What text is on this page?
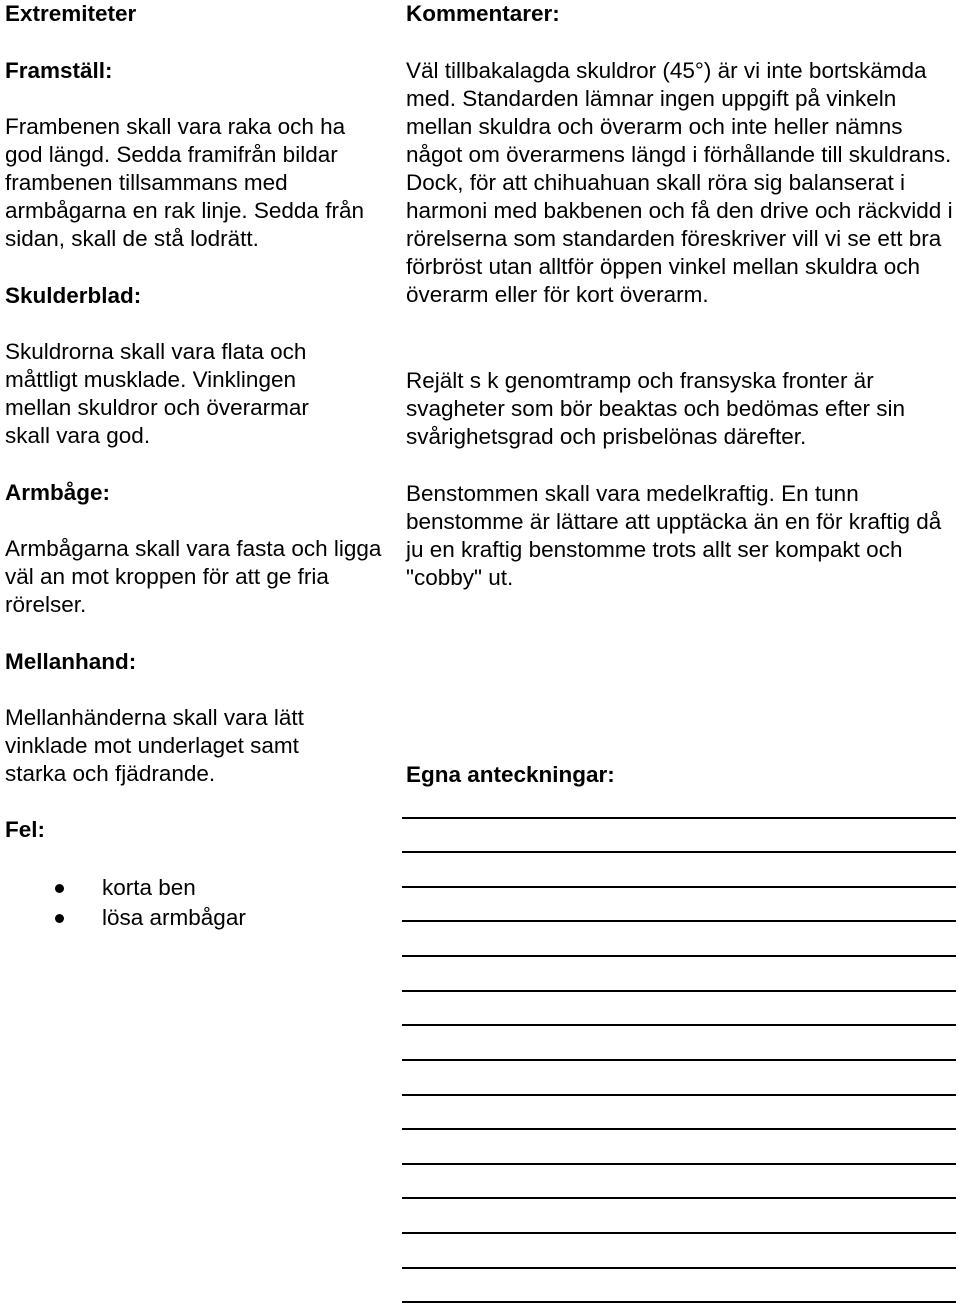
Extremiteter
Framställ:

Frambenen skall vara raka och ha god längd. Sedda framifrån bildar frambenen tillsammans med armbågarna en rak linje. Sedda från sidan, skall de stå lodrätt.

Skulderblad:

Skuldrorna skall vara flata och måttligt musklade. Vinklingen mellan skuldror och överarmar skall vara god.

Armbåge:

Armbågarna skall vara fasta och ligga väl an mot kroppen för att ge fria rörelser.

Mellanhand:

Mellanhänderna skall vara lätt vinklade mot underlaget samt starka och fjädrande.

Fel:
korta ben
lösa armbågar
Kommentarer:

Väl tillbakalagda skuldror (45°) är vi inte bortskämda med. Standarden lämnar ingen uppgift på vinkeln mellan skuldra och överarm och inte heller nämns något om överarmens längd i förhållande till skuldrans. Dock, för att chihuahuan skall röra sig balanserat i harmoni med bakbenen och få den drive och räckvidd i rörelserna som standarden föreskriver vill vi se ett bra förbröst utan alltför öppen vinkel mellan skuldra och överarm eller för kort överarm.

Rejält s k genomtramp och fransyska fronter är svagheter som bör beaktas och bedömas efter sin svårighetsgrad och prisbelönas därefter.

Benstommen skall vara medelkraftig. En tunn benstomme är lättare att upptäcka än en för kraftig då ju en kraftig benstomme trots allt ser kompakt och "cobby" ut.

Egna anteckningar:
